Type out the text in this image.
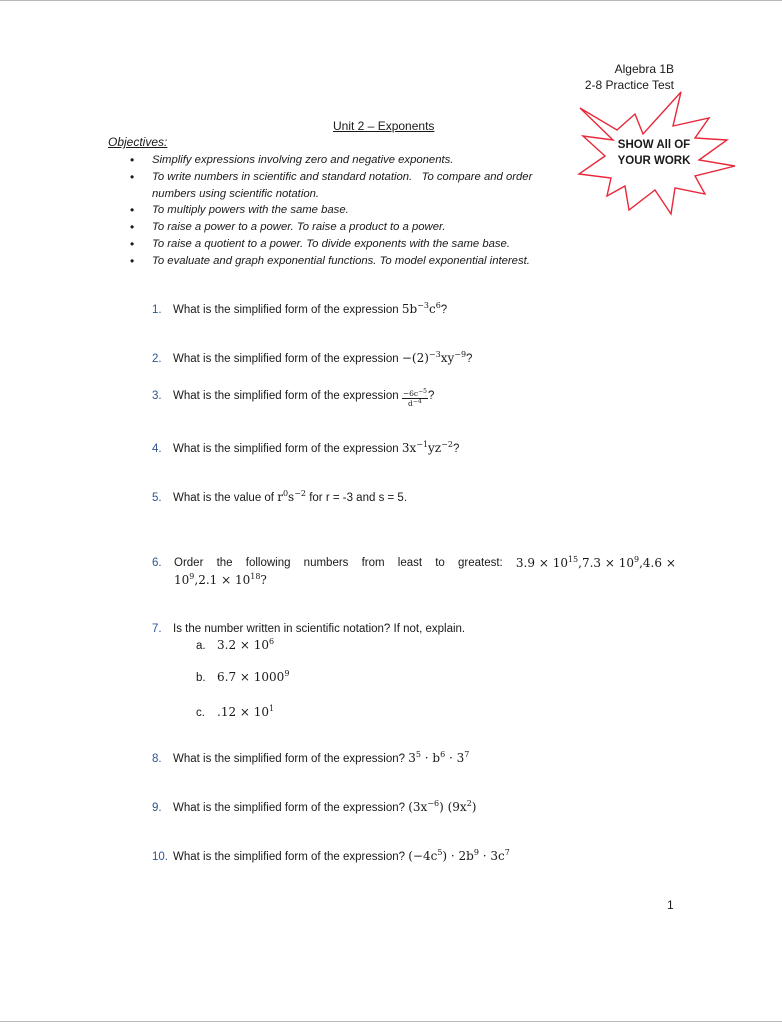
Algebra 1B
2-8 Practice Test
SHOW All OF
YOUR WORK
Unit 2 – Exponents
Objectives:
• Simplify expressions involving zero and negative exponents.
• To write numbers in scientific and standard notation.   To compare and order
numbers using scientific notation.
• To multiply powers with the same base.
• To raise a power to a power. To raise a product to a power.
• To raise a quotient to a power. To divide exponents with the same base.
• To evaluate and graph exponential functions. To model exponential interest.
1. What is the simplified form of the expression $5b^{-3}c^6$?
2. What is the simplified form of the expression $-(2)^{-3}xy^{-9}$?
3. What is the simplified form of the expression $\frac{-6c^{-5}}{d^{-4}}$ ?
4. What is the simplified form of the expression $3x^{-1}yz^{-2}$?
5. What is the value of $r^0s^{-2}$ for r = -3 and s = 5.
6. Order the following numbers from least to greatest: $3.9 \times 10^{15},7.3 \times 10^9,4.6$ ×
$10^9,2.1 \times 10^{18}$?
7. Is the number written in scientific notation? If not, explain.
a. $3.2 \times 10^6$
b. $6.7 \times 1000^9$
c. $.12 \times 10^1$
8. What is the simplified form of the expression? $3^5 \cdot b^6 \cdot 3^7$
9. What is the simplified form of the expression? $(3x^{-6})$ $(9x^2)$
10. What is the simplified form of the expression? $(-4c^5) \cdot 2b^9 \cdot 3c^7$
1
